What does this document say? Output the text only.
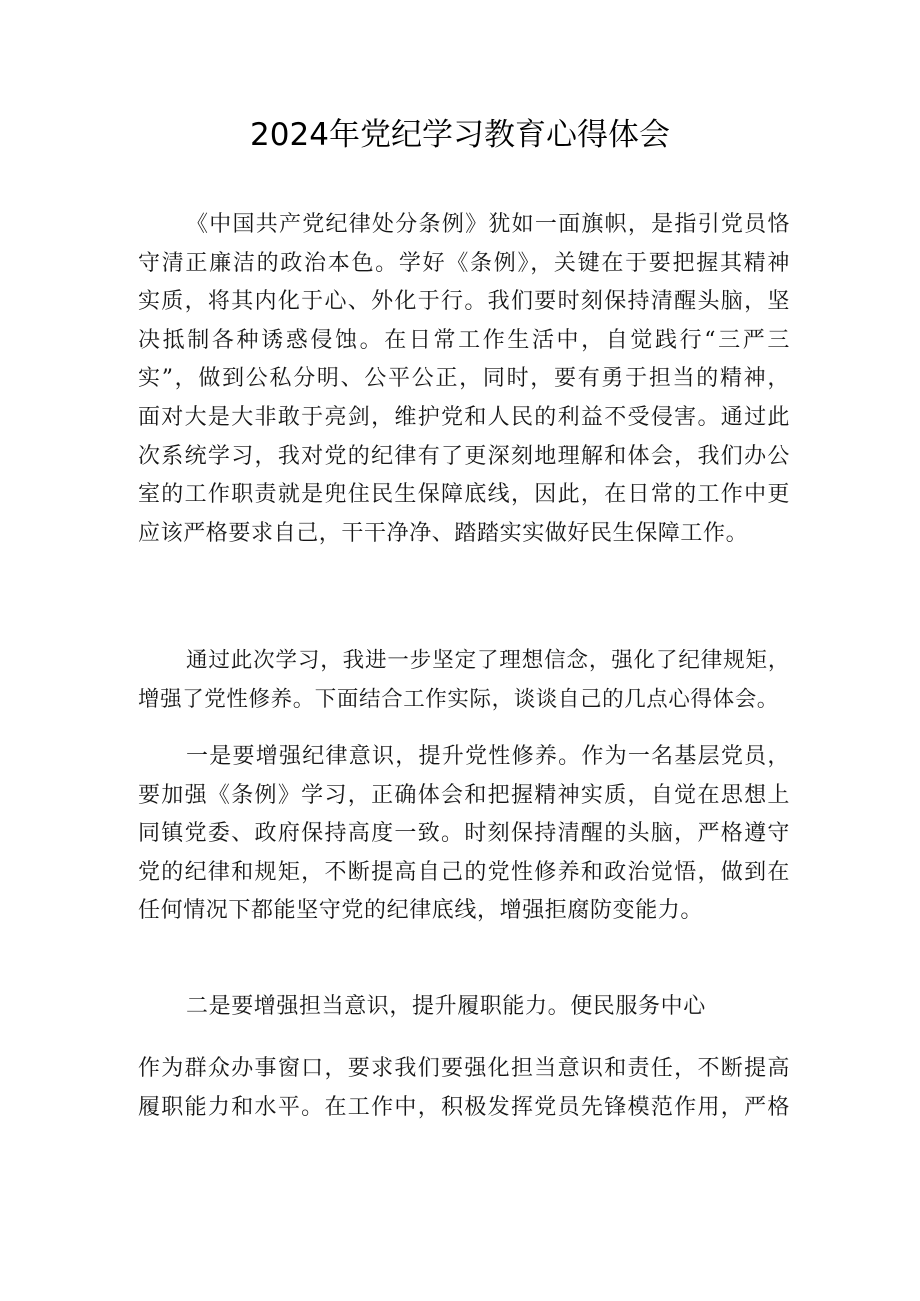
2024年党纪学习教育心得体会

《中国共产党纪律处分条例》犹如一面旗帜，是指引党员恪
守清正廉洁的政治本色。学好《条例》，关键在于要把握其精神
实质，将其内化于心、外化于行。我们要时刻保持清醒头脑，坚
决抵制各种诱惑侵蚀。在日常工作生活中，自觉践行“三严三
实”，做到公私分明、公平公正，同时，要有勇于担当的精神，
面对大是大非敢于亮剑，维护党和人民的利益不受侵害。通过此
次系统学习，我对党的纪律有了更深刻地理解和体会，我们办公
室的工作职责就是兜住民生保障底线，因此，在日常的工作中更
应该严格要求自己，干干净净、踏踏实实做好民生保障工作。

通过此次学习，我进一步坚定了理想信念，强化了纪律规矩，
增强了党性修养。下面结合工作实际，谈谈自己的几点心得体会。

一是要增强纪律意识，提升党性修养。作为一名基层党员，
要加强《条例》学习，正确体会和把握精神实质，自觉在思想上
同镇党委、政府保持高度一致。时刻保持清醒的头脑，严格遵守
党的纪律和规矩，不断提高自己的党性修养和政治觉悟，做到在
任何情况下都能坚守党的纪律底线，增强拒腐防变能力。

二是要增强担当意识，提升履职能力。便民服务中心

作为群众办事窗口，要求我们要强化担当意识和责任，不断提高
履职能力和水平。在工作中，积极发挥党员先锋模范作用，严格
